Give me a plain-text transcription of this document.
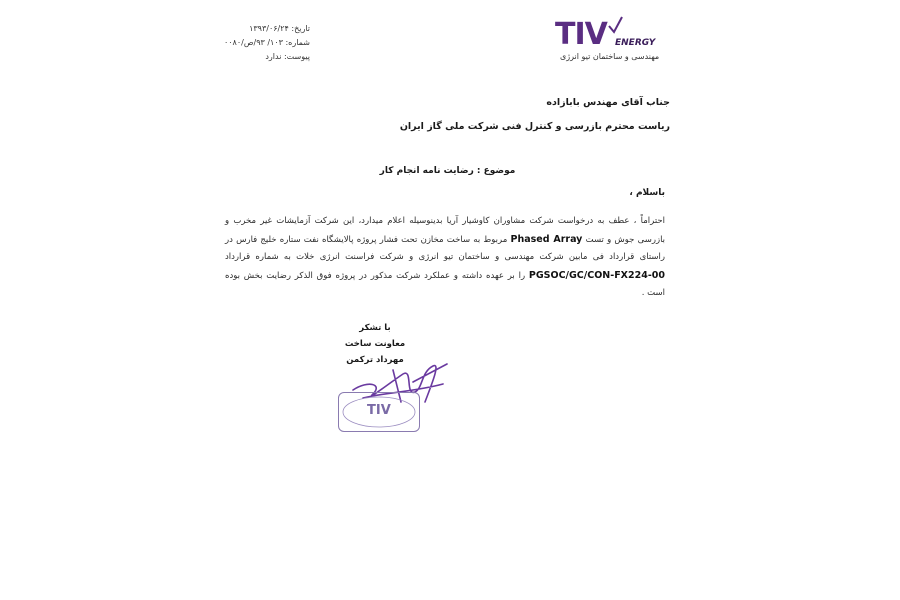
TIV ENERGY
مهندسی و ساختمان تیو انرژی
تاریخ: ۱۳۹۳/۰۶/۲۴
شماره: ۱۰۳/ ۹۳/ص/۰۰۸۰
پیوست: ندارد
جناب آقای مهندس بابازاده
ریاست محترم بازرسی و کنترل فنی شرکت ملی گاز ایران
موضوع : رضایت نامه انجام کار
باسلام ،
احتراماً ، عطف به درخواست شرکت مشاوران کاوشیار آریا بدینوسیله اعلام میدارد، این شرکت آزمایشات غیر مخرب و بازرسی جوش و تست Phased Array مربوط به ساخت مخازن تحت فشار پروژه پالایشگاه نفت ستاره خلیج فارس در راستای قرارداد فی مابین شرکت مهندسی و ساختمان تیو انرژی و شرکت فراسنت انرژی خلات به شماره قرارداد PGSOC/GC/CON-FX224-00 را بر عهده داشته و عملکرد شرکت مذکور در پروژه فوق الذکر رضایت بخش بوده است .
با تشکر
معاونت ساخت
مهرداد ترکمن
TIV
